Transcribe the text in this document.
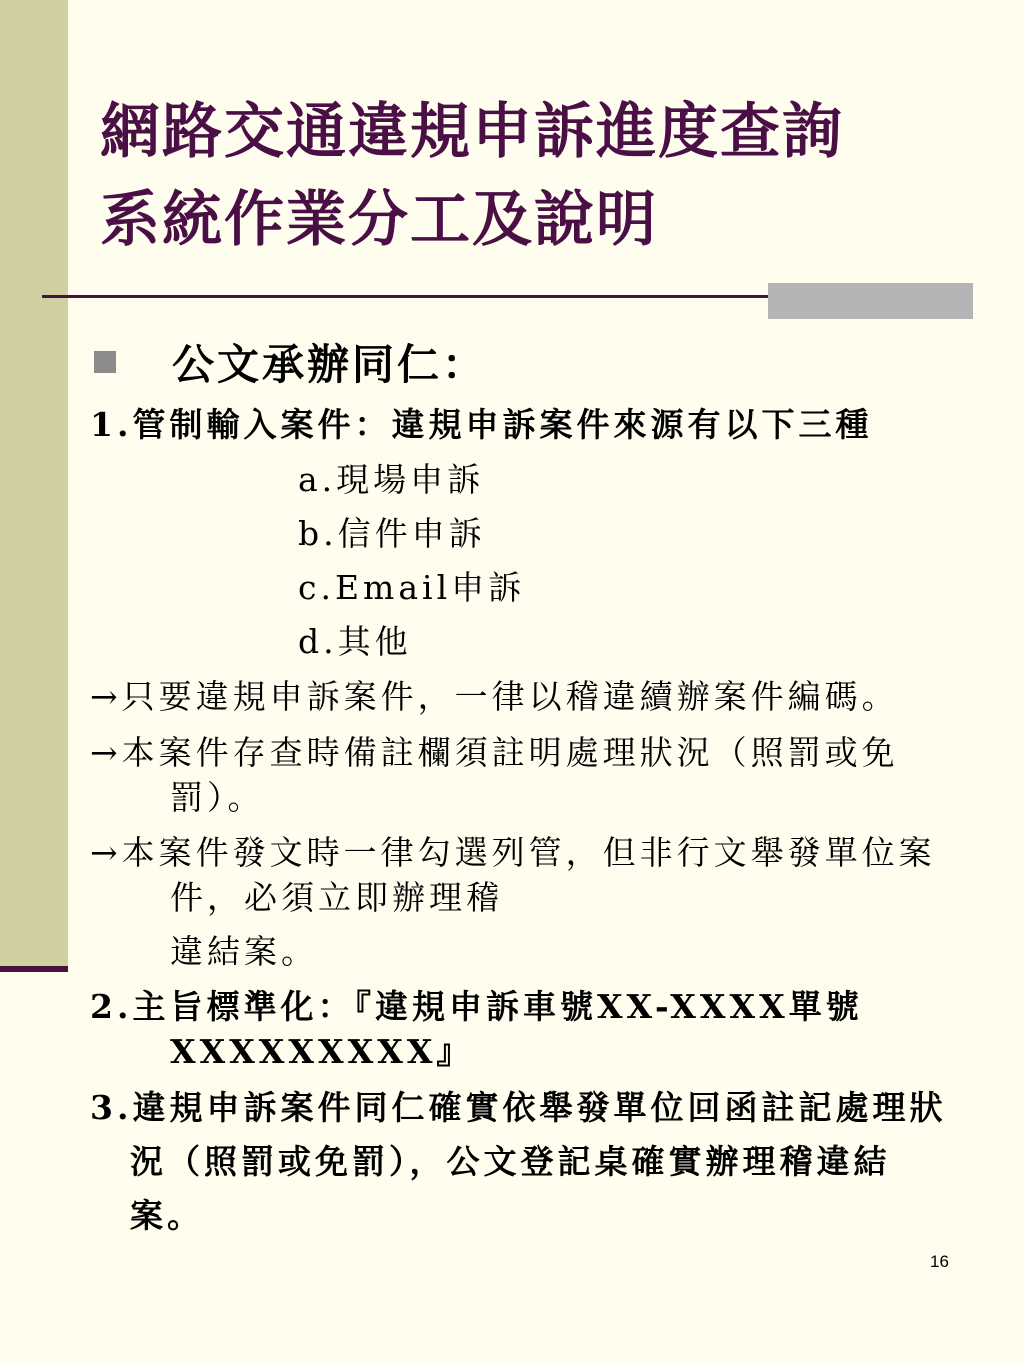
網路交通違規申訴進度查詢
系統作業分工及說明
公文承辦同仁：
1.管制輸入案件：違規申訴案件來源有以下三種
a.現場申訴
b.信件申訴
c.Email申訴
d.其他
→只要違規申訴案件，一律以稽違續辦案件編碼。
→本案件存查時備註欄須註明處理狀況（照罰或免
罰）。
→本案件發文時一律勾選列管，但非行文舉發單位案
件，必須立即辦理稽
違結案。
2.主旨標準化：『違規申訴車號XX-XXXX單號
XXXXXXXXX』
3.違規申訴案件同仁確實依舉發單位回函註記處理狀
況（照罰或免罰），公文登記桌確實辦理稽違結
案。
16
